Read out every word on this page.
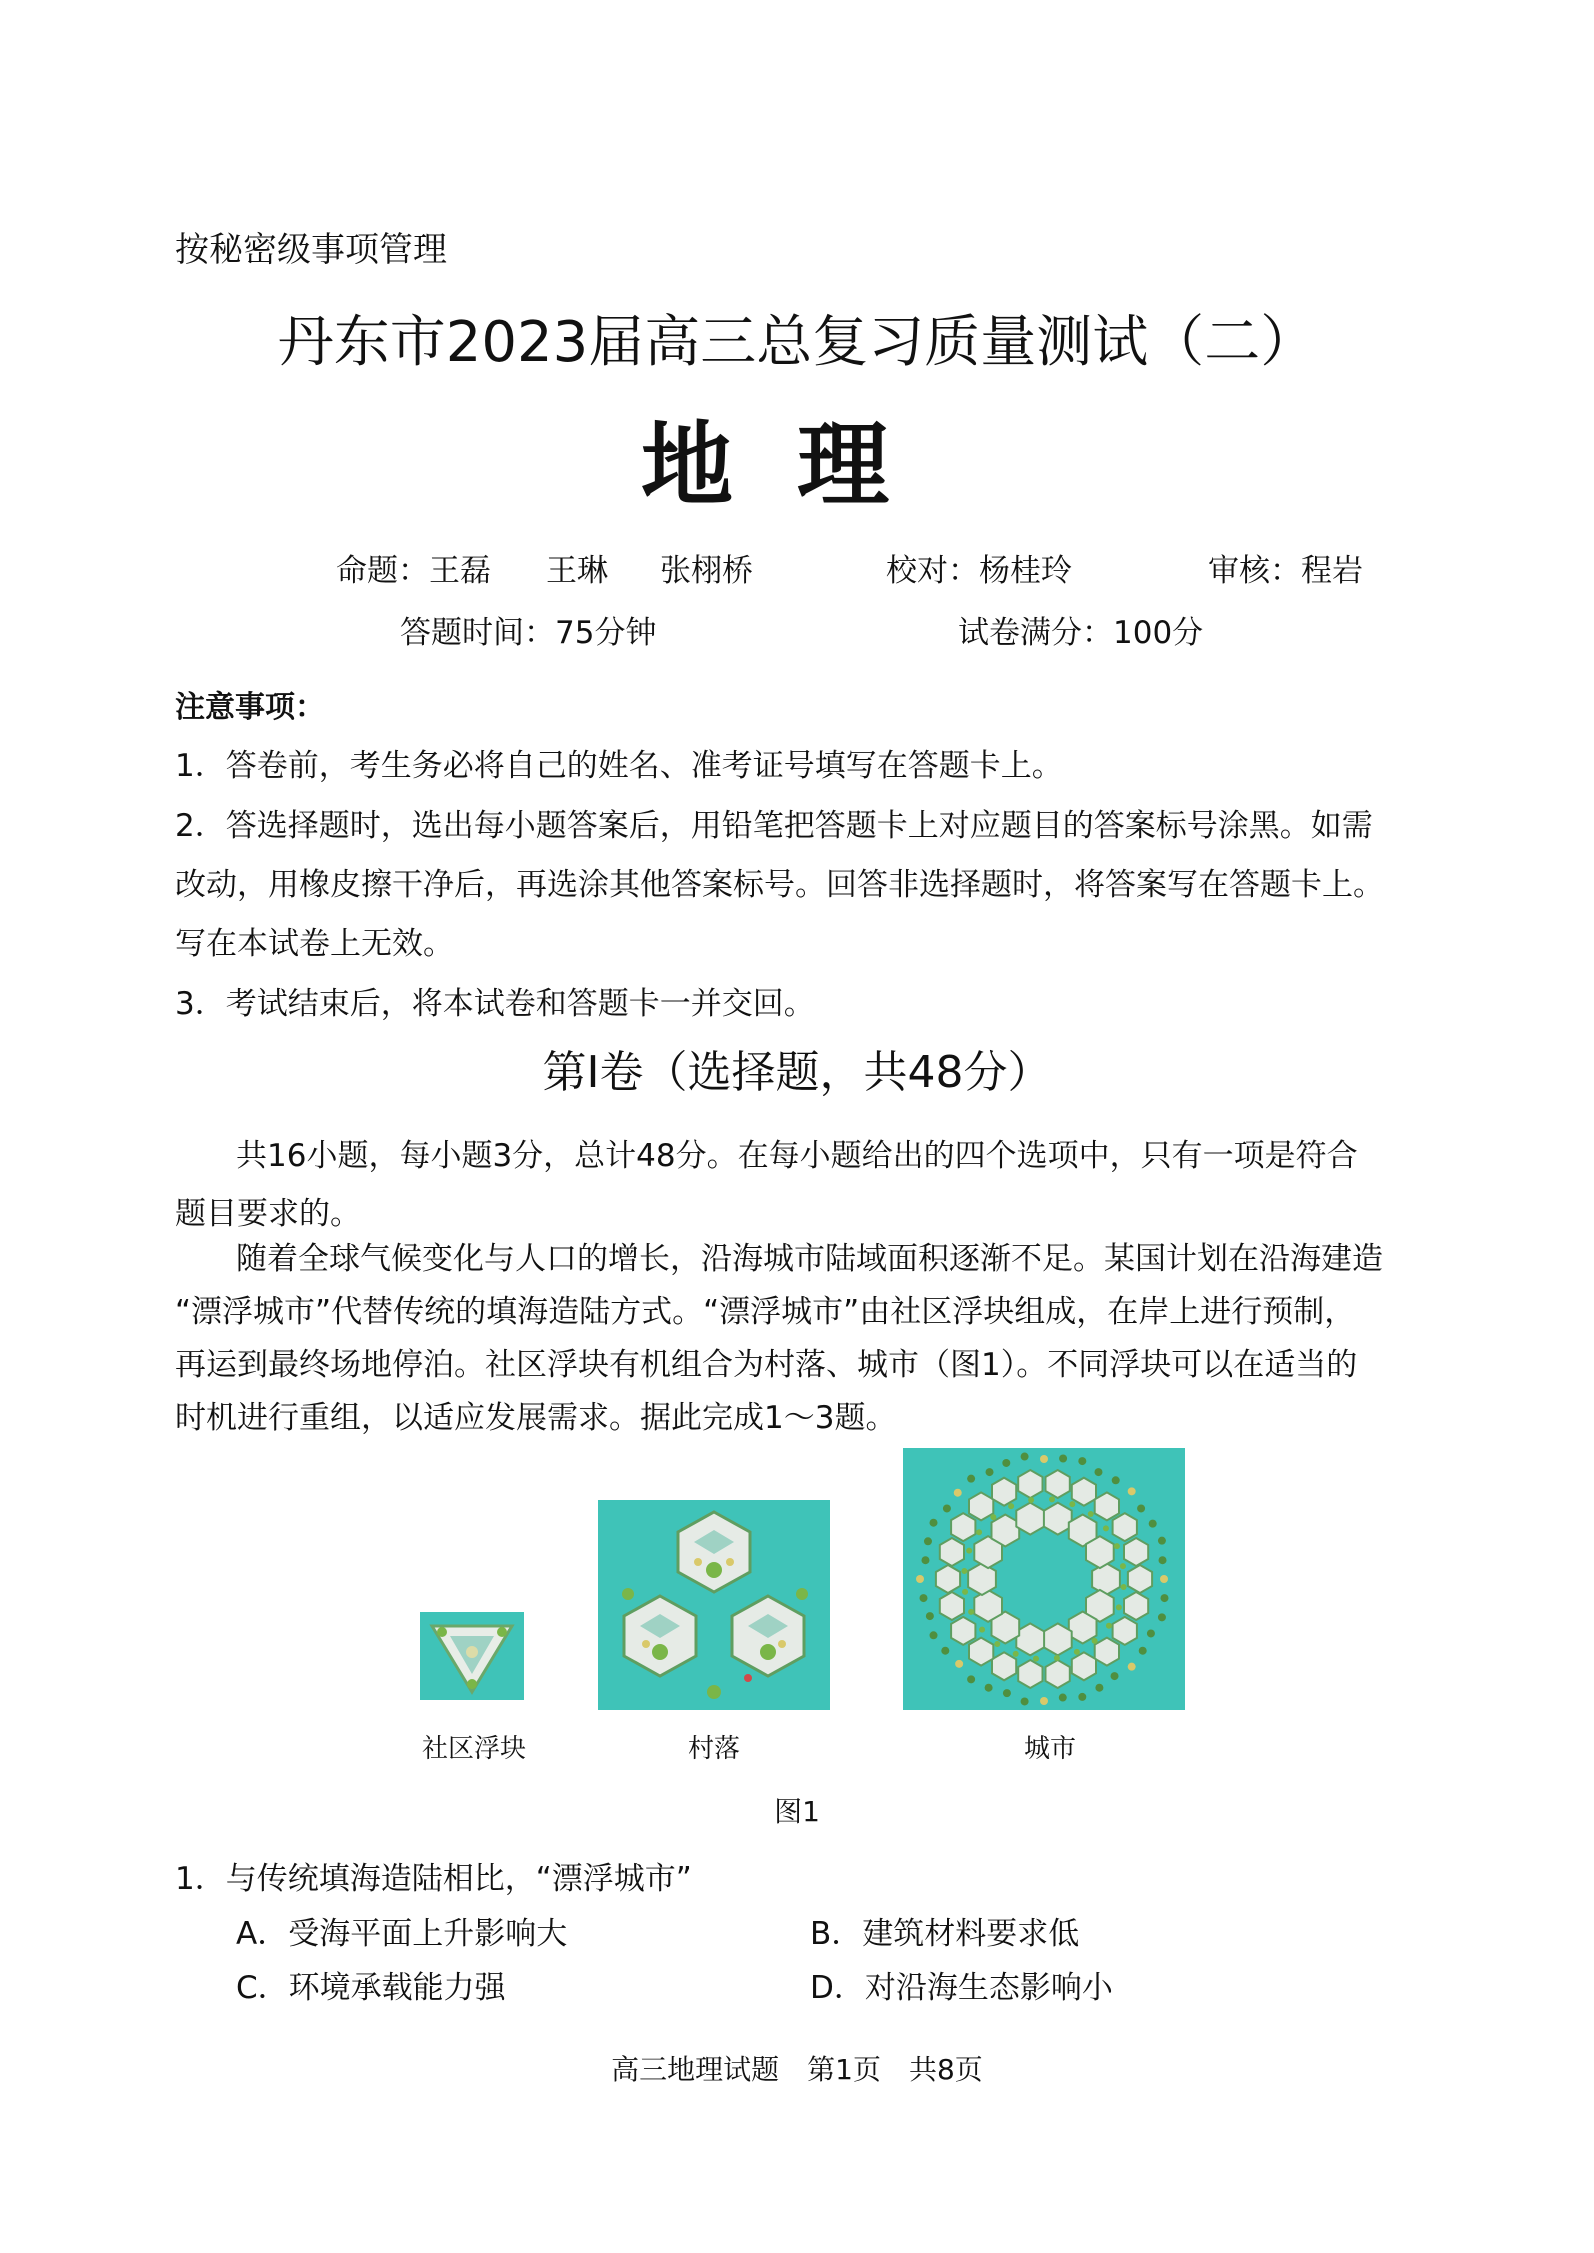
按秘密级事项管理
丹东市2023届高三总复习质量测试（二）
地理
命题：王磊 王琳 张栩桥	校对：杨桂玲	审核：程岩
答题时间：75分钟	试卷满分：100分
注意事项：
1．答卷前，考生务必将自己的姓名、准考证号填写在答题卡上。
2．答选择题时，选出每小题答案后，用铅笔把答题卡上对应题目的答案标号涂黑。如需
改动，用橡皮擦干净后，再选涂其他答案标号。回答非选择题时，将答案写在答题卡上。
写在本试卷上无效。
3．考试结束后，将本试卷和答题卡一并交回。
第Ⅰ卷（选择题，共48分）
共16小题，每小题3分，总计48分。在每小题给出的四个选项中，只有一项是符合
题目要求的。
随着全球气候变化与人口的增长，沿海城市陆域面积逐渐不足。某国计划在沿海建造
“漂浮城市”代替传统的填海造陆方式。“漂浮城市”由社区浮块组成，在岸上进行预制，
再运到最终场地停泊。社区浮块有机组合为村落、城市（图1）。不同浮块可以在适当的
时机进行重组，以适应发展需求。据此完成1～3题。
社区浮块	村落	城市
图1
1．与传统填海造陆相比，“漂浮城市”
A．受海平面上升影响大	B．建筑材料要求低
C．环境承载能力强	D．对沿海生态影响小
高三地理试题　第1页　共8页
